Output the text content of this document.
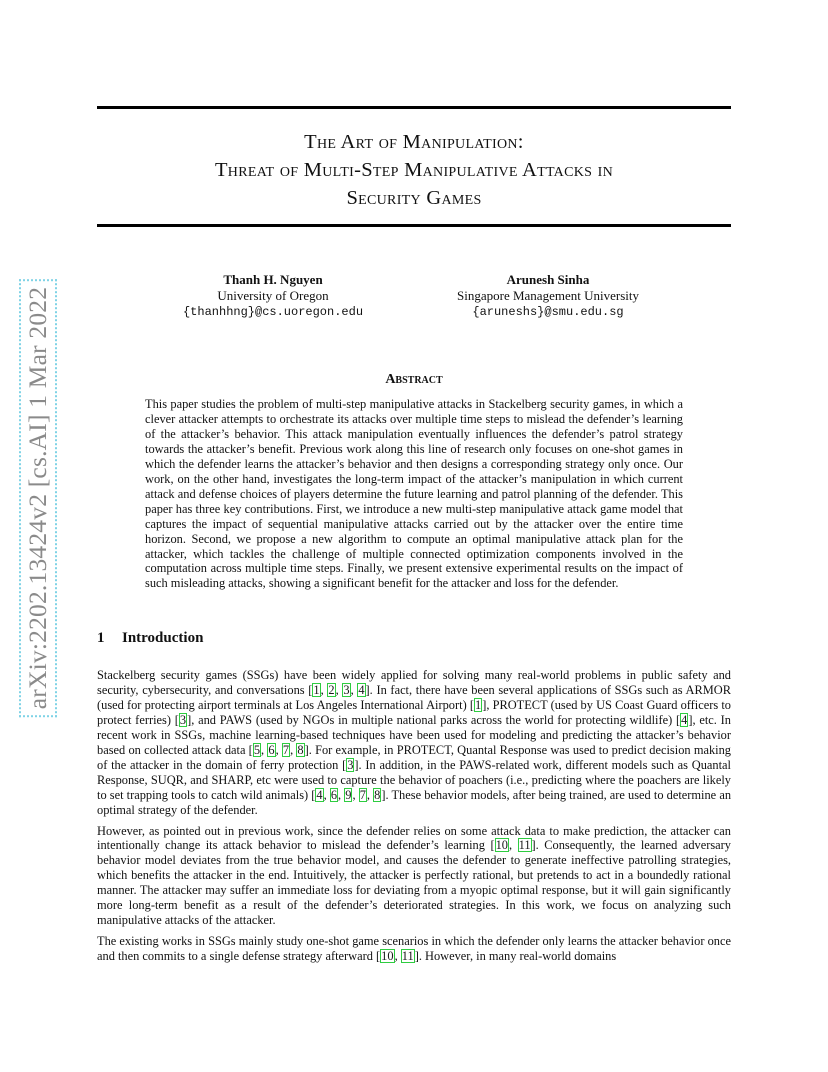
arXiv:2202.13424v2 [cs.AI] 1 Mar 2022
The Art of Manipulation:
Threat of Multi-Step Manipulative Attacks in
Security Games
Thanh H. Nguyen
University of Oregon
{thanhhng}@cs.uoregon.edu
Arunesh Sinha
Singapore Management University
{aruneshs}@smu.edu.sg
Abstract
This paper studies the problem of multi-step manipulative attacks in Stackelberg security games, in which a clever attacker attempts to orchestrate its attacks over multiple time steps to mislead the defender’s learning of the attacker’s behavior. This attack manipulation eventually influences the defender’s patrol strategy towards the attacker’s benefit. Previous work along this line of research only focuses on one-shot games in which the defender learns the attacker’s behavior and then designs a corresponding strategy only once. Our work, on the other hand, investigates the long-term impact of the attacker’s manipulation in which current attack and defense choices of players determine the future learning and patrol planning of the defender. This paper has three key contributions. First, we introduce a new multi-step manipulative attack game model that captures the impact of sequential manipulative attacks carried out by the attacker over the entire time horizon. Second, we propose a new algorithm to compute an optimal manipulative attack plan for the attacker, which tackles the challenge of multiple connected optimization components involved in the computation across multiple time steps. Finally, we present extensive experimental results on the impact of such misleading attacks, showing a significant benefit for the attacker and loss for the defender.
1 Introduction

Stackelberg security games (SSGs) have been widely applied for solving many real-world problems in public safety and security, cybersecurity, and conversations [1, 2, 3, 4]. In fact, there have been several applications of SSGs such as ARMOR (used for protecting airport terminals at Los Angeles International Airport) [1], PROTECT (used by US Coast Guard officers to protect ferries) [3], and PAWS (used by NGOs in multiple national parks across the world for protecting wildlife) [4], etc. In recent work in SSGs, machine learning-based techniques have been used for modeling and predicting the attacker’s behavior based on collected attack data [5, 6, 7, 8]. For example, in PROTECT, Quantal Response was used to predict decision making of the attacker in the domain of ferry protection [3]. In addition, in the PAWS-related work, different models such as Quantal Response, SUQR, and SHARP, etc were used to capture the behavior of poachers (i.e., predicting where the poachers are likely to set trapping tools to catch wild animals) [4, 6, 9, 7, 8]. These behavior models, after being trained, are used to determine an optimal strategy of the defender.

However, as pointed out in previous work, since the defender relies on some attack data to make prediction, the attacker can intentionally change its attack behavior to mislead the defender’s learning [10, 11]. Consequently, the learned adversary behavior model deviates from the true behavior model, and causes the defender to generate ineffective patrolling strategies, which benefits the attacker in the end. Intuitively, the attacker is perfectly rational, but pretends to act in a boundedly rational manner. The attacker may suffer an immediate loss for deviating from a myopic optimal response, but it will gain significantly more long-term benefit as a result of the defender’s deteriorated strategies. In this work, we focus on analyzing such manipulative attacks of the attacker.

The existing works in SSGs mainly study one-shot game scenarios in which the defender only learns the attacker behavior once and then commits to a single defense strategy afterward [10, 11]. However, in many real-world domains
